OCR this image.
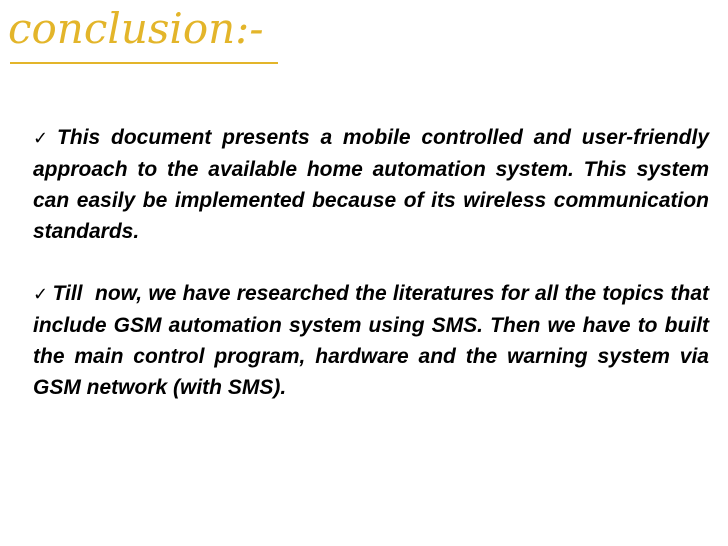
conclusion:-

✓ This document presents a mobile controlled and user-friendly approach to the available home automation system. This system can easily be implemented because of its wireless communication standards.

✓ Till  now, we have researched the literatures for all the topics that include GSM automation system using SMS. Then we have to built the main control program, hardware and the warning system via GSM network (with SMS).
